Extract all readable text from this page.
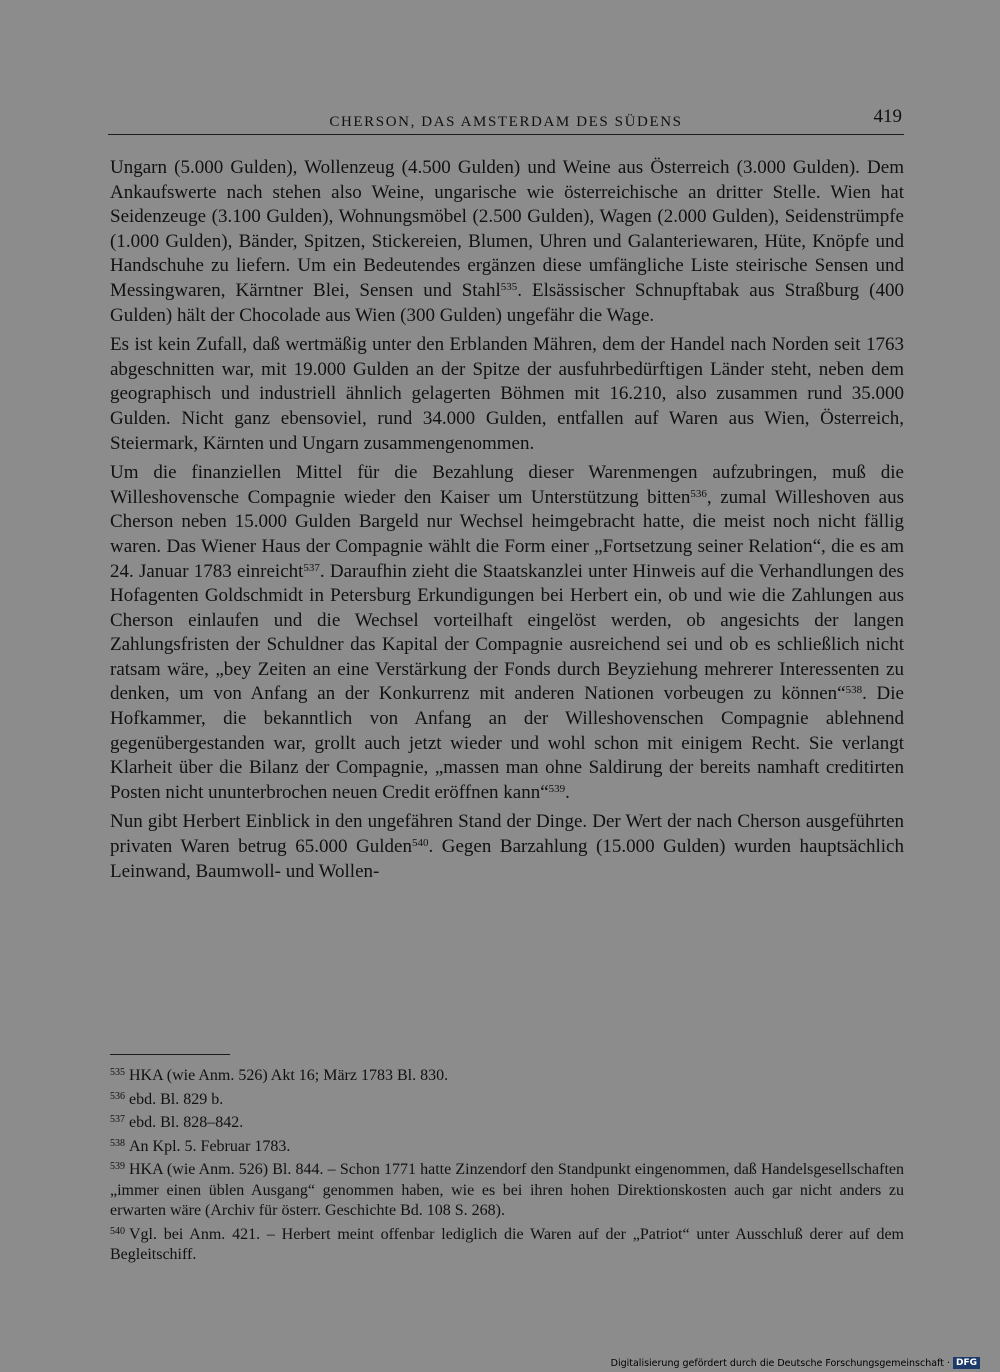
CHERSON, DAS AMSTERDAM DES SÜDENS	419

Ungarn (5.000 Gulden), Wollenzeug (4.500 Gulden) und Weine aus Österreich (3.000 Gulden). Dem Ankaufswerte nach stehen also Weine, ungarische wie österreichische an dritter Stelle. Wien hat Seidenzeuge (3.100 Gulden), Wohnungsmöbel (2.500 Gulden), Wagen (2.000 Gulden), Seidenstrümpfe (1.000 Gulden), Bänder, Spitzen, Stickereien, Blumen, Uhren und Galanteriewaren, Hüte, Knöpfe und Handschuhe zu liefern. Um ein Bedeutendes ergänzen diese umfängliche Liste steirische Sensen und Messingwaren, Kärntner Blei, Sensen und Stahl$^{535}$. Elsässischer Schnupftabak aus Straßburg (400 Gulden) hält der Chocolade aus Wien (300 Gulden) ungefähr die Wage.

Es ist kein Zufall, daß wertmäßig unter den Erblanden Mähren, dem der Handel nach Norden seit 1763 abgeschnitten war, mit 19.000 Gulden an der Spitze der ausfuhrbedürftigen Länder steht, neben dem geographisch und industriell ähnlich gelagerten Böhmen mit 16.210, also zusammen rund 35.000 Gulden. Nicht ganz ebensoviel, rund 34.000 Gulden, entfallen auf Waren aus Wien, Österreich, Steiermark, Kärnten und Ungarn zusammengenommen.

Um die finanziellen Mittel für die Bezahlung dieser Warenmengen aufzubringen, muß die Willeshovensche Compagnie wieder den Kaiser um Unterstützung bitten$^{536}$, zumal Willeshoven aus Cherson neben 15.000 Gulden Bargeld nur Wechsel heimgebracht hatte, die meist noch nicht fällig waren. Das Wiener Haus der Compagnie wählt die Form einer „Fortsetzung seiner Relation“, die es am 24. Januar 1783 einreicht$^{537}$. Daraufhin zieht die Staatskanzlei unter Hinweis auf die Verhandlungen des Hofagenten Goldschmidt in Petersburg Erkundigungen bei Herbert ein, ob und wie die Zahlungen aus Cherson einlaufen und die Wechsel vorteilhaft eingelöst werden, ob angesichts der langen Zahlungsfristen der Schuldner das Kapital der Compagnie ausreichend sei und ob es schließlich nicht ratsam wäre, „bey Zeiten an eine Verstärkung der Fonds durch Beyziehung mehrerer Interessenten zu denken, um von Anfang an der Konkurrenz mit anderen Nationen vorbeugen zu können“$^{538}$. Die Hofkammer, die bekanntlich von Anfang an der Willeshovenschen Compagnie ablehnend gegenübergestanden war, grollt auch jetzt wieder und wohl schon mit einigem Recht. Sie verlangt Klarheit über die Bilanz der Compagnie, „massen man ohne Saldirung der bereits namhaft creditirten Posten nicht ununterbrochen neuen Credit eröffnen kann“$^{539}$.

Nun gibt Herbert Einblick in den ungefähren Stand der Dinge. Der Wert der nach Cherson ausgeführten privaten Waren betrug 65.000 Gulden$^{540}$. Gegen Barzahlung (15.000 Gulden) wurden hauptsächlich Leinwand, Baumwoll- und Wollen-

$^{535}$ HKA (wie Anm. 526) Akt 16; März 1783 Bl. 830.
$^{536}$ ebd. Bl. 829 b.
$^{537}$ ebd. Bl. 828–842.
$^{538}$ An Kpl. 5. Februar 1783.
$^{539}$ HKA (wie Anm. 526) Bl. 844. – Schon 1771 hatte Zinzendorf den Standpunkt eingenommen, daß Handelsgesellschaften „immer einen üblen Ausgang“ genommen haben, wie es bei ihren hohen Direktionskosten auch gar nicht anders zu erwarten wäre (Archiv für österr. Geschichte Bd. 108 S. 268).
$^{540}$ Vgl. bei Anm. 421. – Herbert meint offenbar lediglich die Waren auf der „Patriot“ unter Ausschluß derer auf dem Begleitschiff.
Digitalisierung gefördert durch die Deutsche Forschungsgemeinschaft · DFG
